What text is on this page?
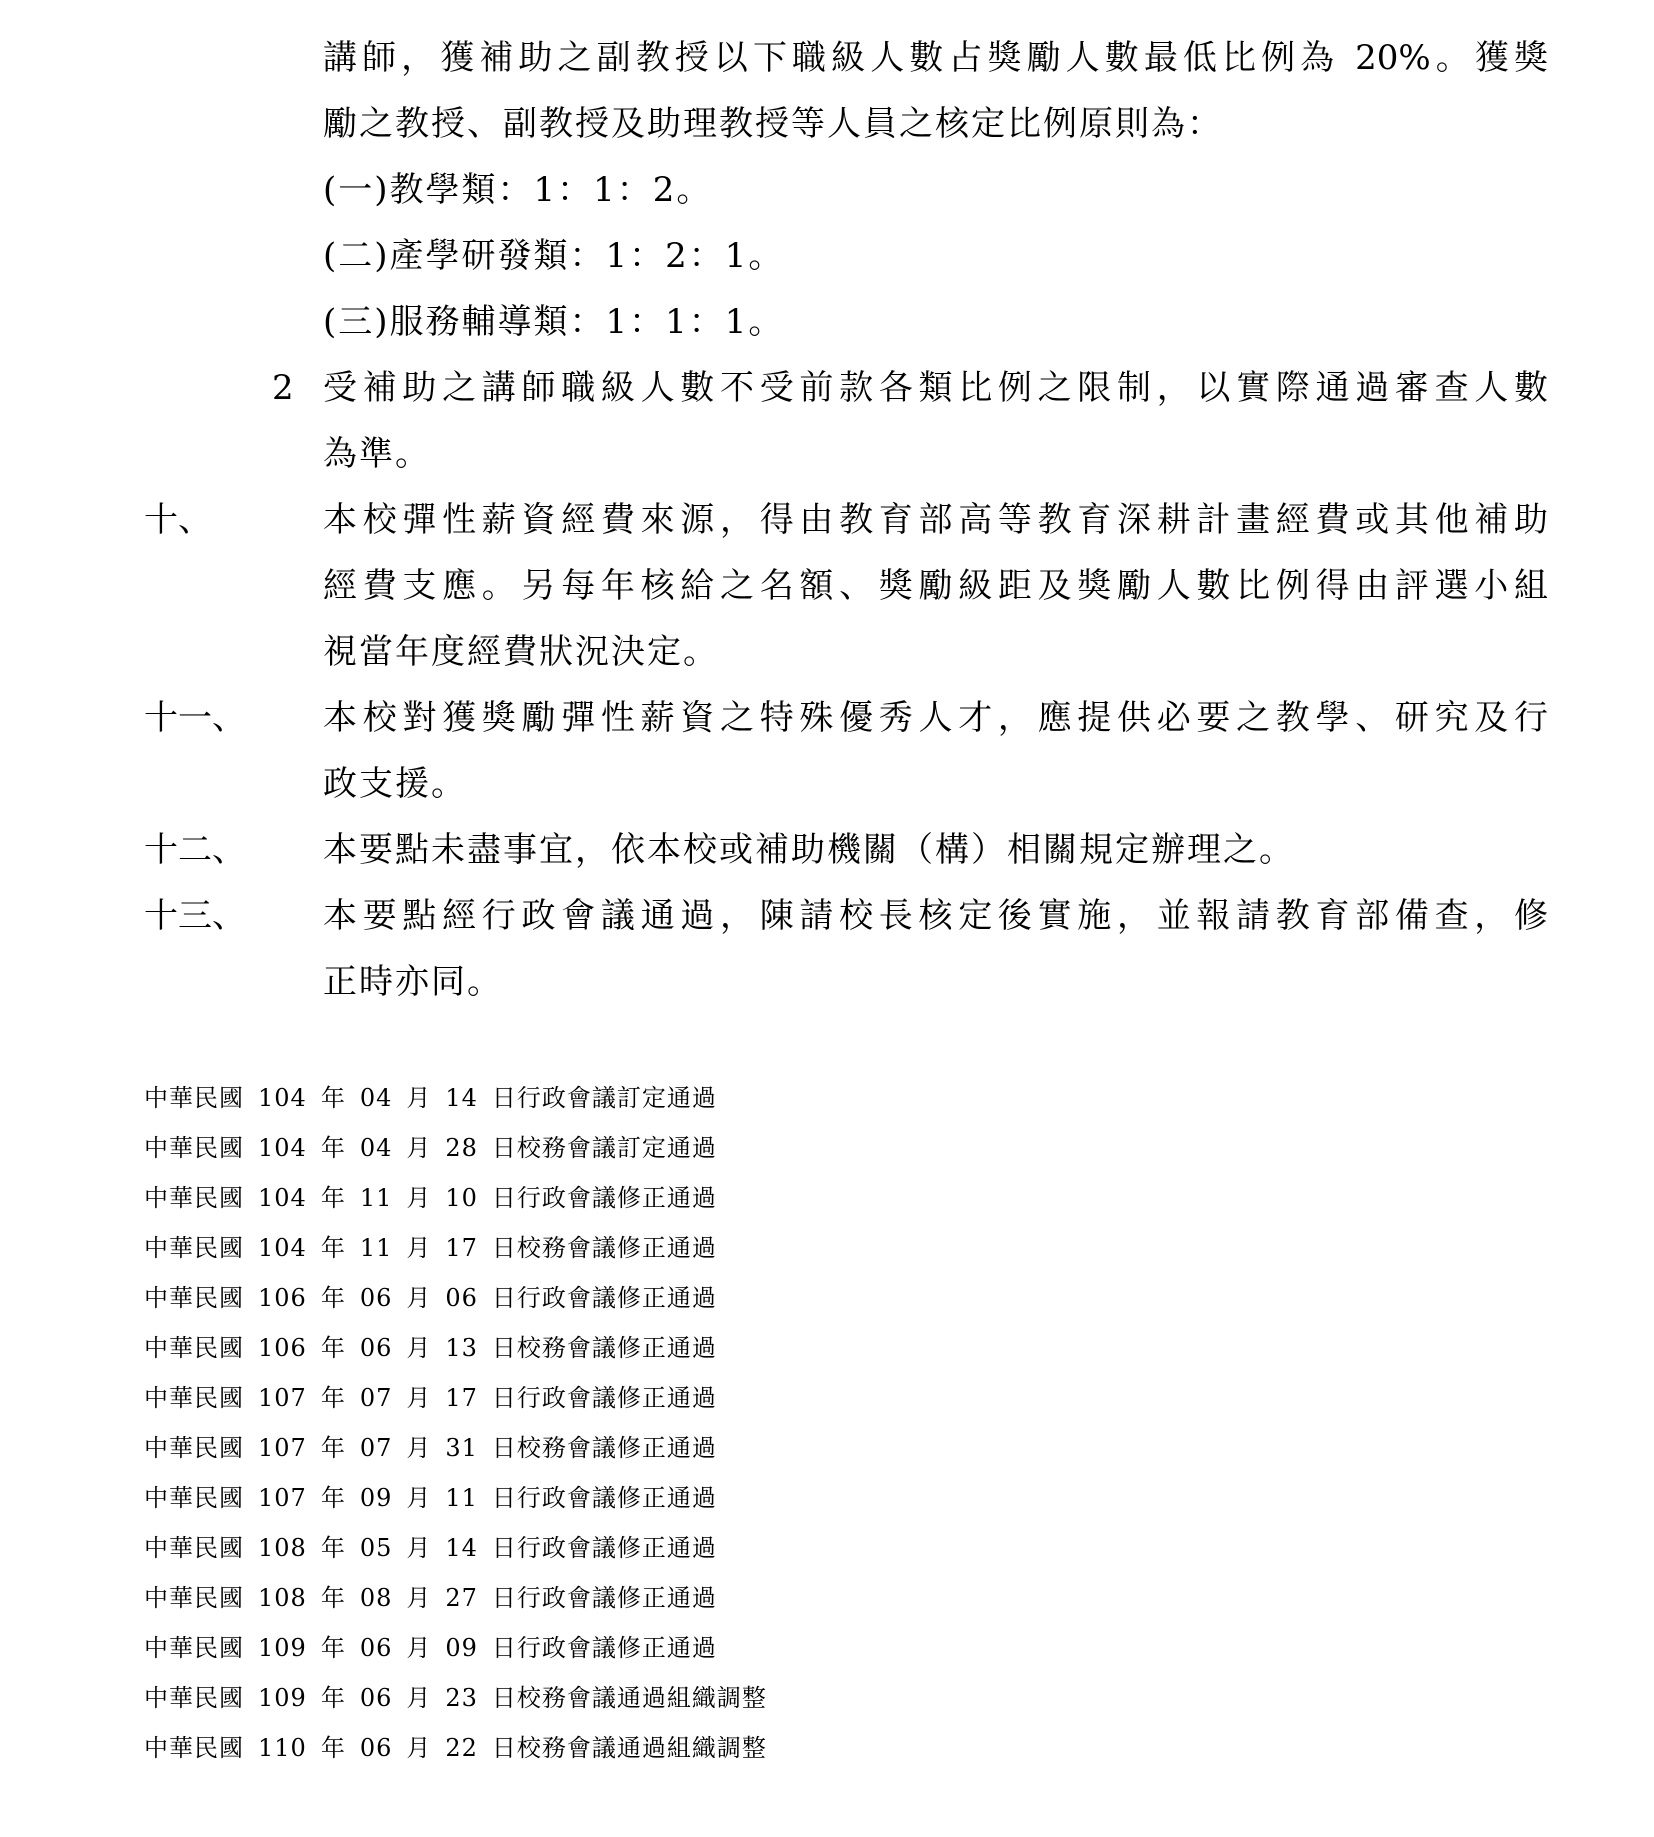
講師，獲補助之副教授以下職級人數占獎勵人數最低比例為 20%。獲獎
勵之教授、副教授及助理教授等人員之核定比例原則為：
(一)教學類：1：1：2。
(二)產學研發類：1：2：1。
(三)服務輔導類：1：1：1。
2 受補助之講師職級人數不受前款各類比例之限制，以實際通過審查人數
為準。
十、	本校彈性薪資經費來源，得由教育部高等教育深耕計畫經費或其他補助
經費支應。另每年核給之名額、獎勵級距及獎勵人數比例得由評選小組
視當年度經費狀況決定。
十一、 本校對獲獎勵彈性薪資之特殊優秀人才，應提供必要之教學、研究及行
政支援。
十二、 本要點未盡事宜，依本校或補助機關（構）相關規定辦理之。
十三、 本要點經行政會議通過，陳請校長核定後實施，並報請教育部備查，修
正時亦同。
中華民國 104 年 04 月 14 日行政會議訂定通過
中華民國 104 年 04 月 28 日校務會議訂定通過
中華民國 104 年 11 月 10 日行政會議修正通過
中華民國 104 年 11 月 17 日校務會議修正通過
中華民國 106 年 06 月 06 日行政會議修正通過
中華民國 106 年 06 月 13 日校務會議修正通過
中華民國 107 年 07 月 17 日行政會議修正通過
中華民國 107 年 07 月 31 日校務會議修正通過
中華民國 107 年 09 月 11 日行政會議修正通過
中華民國 108 年 05 月 14 日行政會議修正通過
中華民國 108 年 08 月 27 日行政會議修正通過
中華民國 109 年 06 月 09 日行政會議修正通過
中華民國 109 年 06 月 23 日校務會議通過組織調整
中華民國 110 年 06 月 22 日校務會議通過組織調整
